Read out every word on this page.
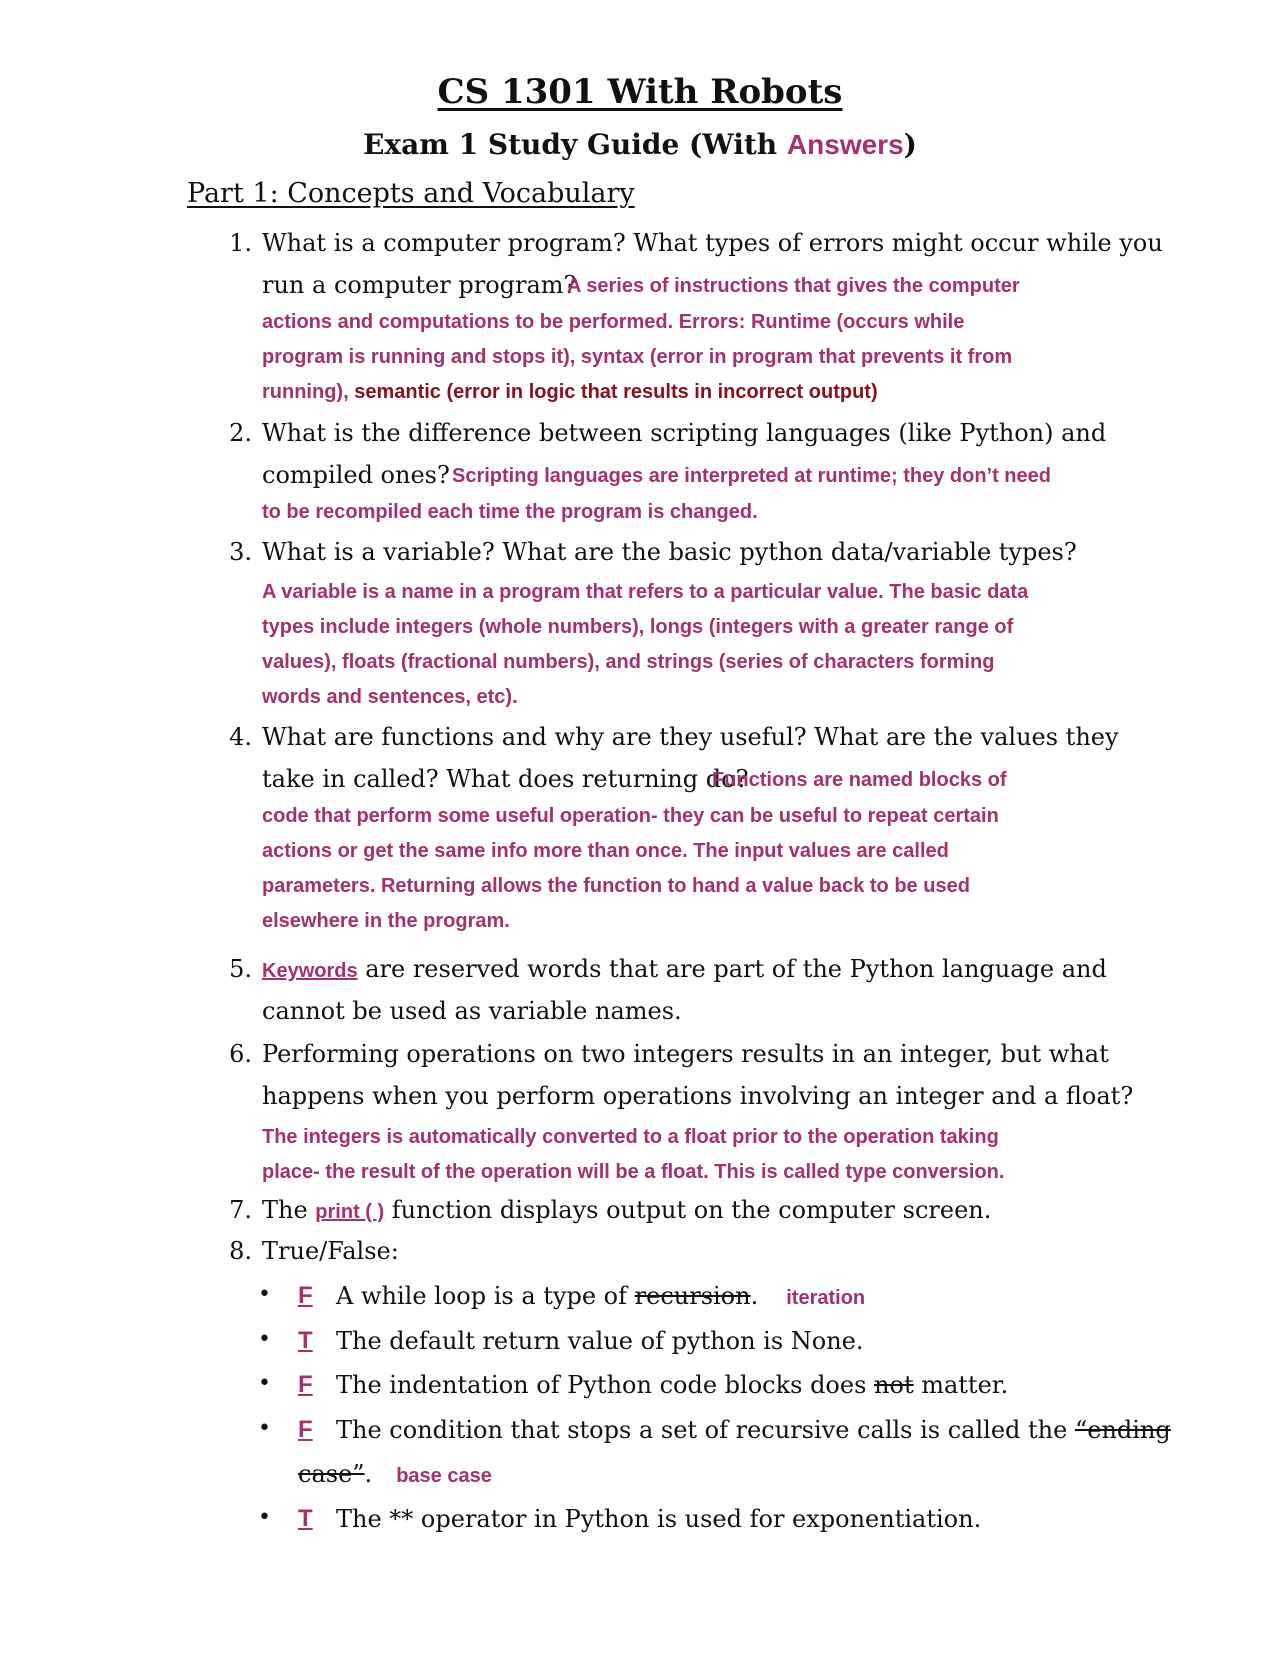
CS 1301 With Robots
Exam 1 Study Guide (With Answers)
Part 1: Concepts and Vocabulary
1. What is a computer program? What types of errors might occur while you
run a computer program?
A series of instructions that gives the computer
actions and computations to be performed. Errors: Runtime (occurs while
program is running and stops it), syntax (error in program that prevents it from
running), semantic (error in logic that results in incorrect output)
2. What is the difference between scripting languages (like Python) and
compiled ones? Scripting languages are interpreted at runtime; they don’t need
to be recompiled each time the program is changed.
3. What is a variable? What are the basic python data/variable types?
A variable is a name in a program that refers to a particular value. The basic data
types include integers (whole numbers), longs (integers with a greater range of
values), floats (fractional numbers), and strings (series of characters forming
words and sentences, etc).
4. What are functions and why are they useful? What are the values they
take in called? What does returning do?
Functions are named blocks of
code that perform some useful operation- they can be useful to repeat certain
actions or get the same info more than once. The input values are called
parameters. Returning allows the function to hand a value back to be used
elsewhere in the program.
5. Keywords are reserved words that are part of the Python language and
cannot be used as variable names.
6. Performing operations on two integers results in an integer, but what
happens when you perform operations involving an integer and a float?
The integers is automatically converted to a float prior to the operation taking
place- the result of the operation will be a float. This is called type conversion.
7. The print ( ) function displays output on the computer screen.
8. True/False:
• F A while loop is a type of recursion. iteration
• T The default return value of python is None.
• F The indentation of Python code blocks does not matter.
• F The condition that stops a set of recursive calls is called the “ending
case”. base case
• T The ** operator in Python is used for exponentiation.
